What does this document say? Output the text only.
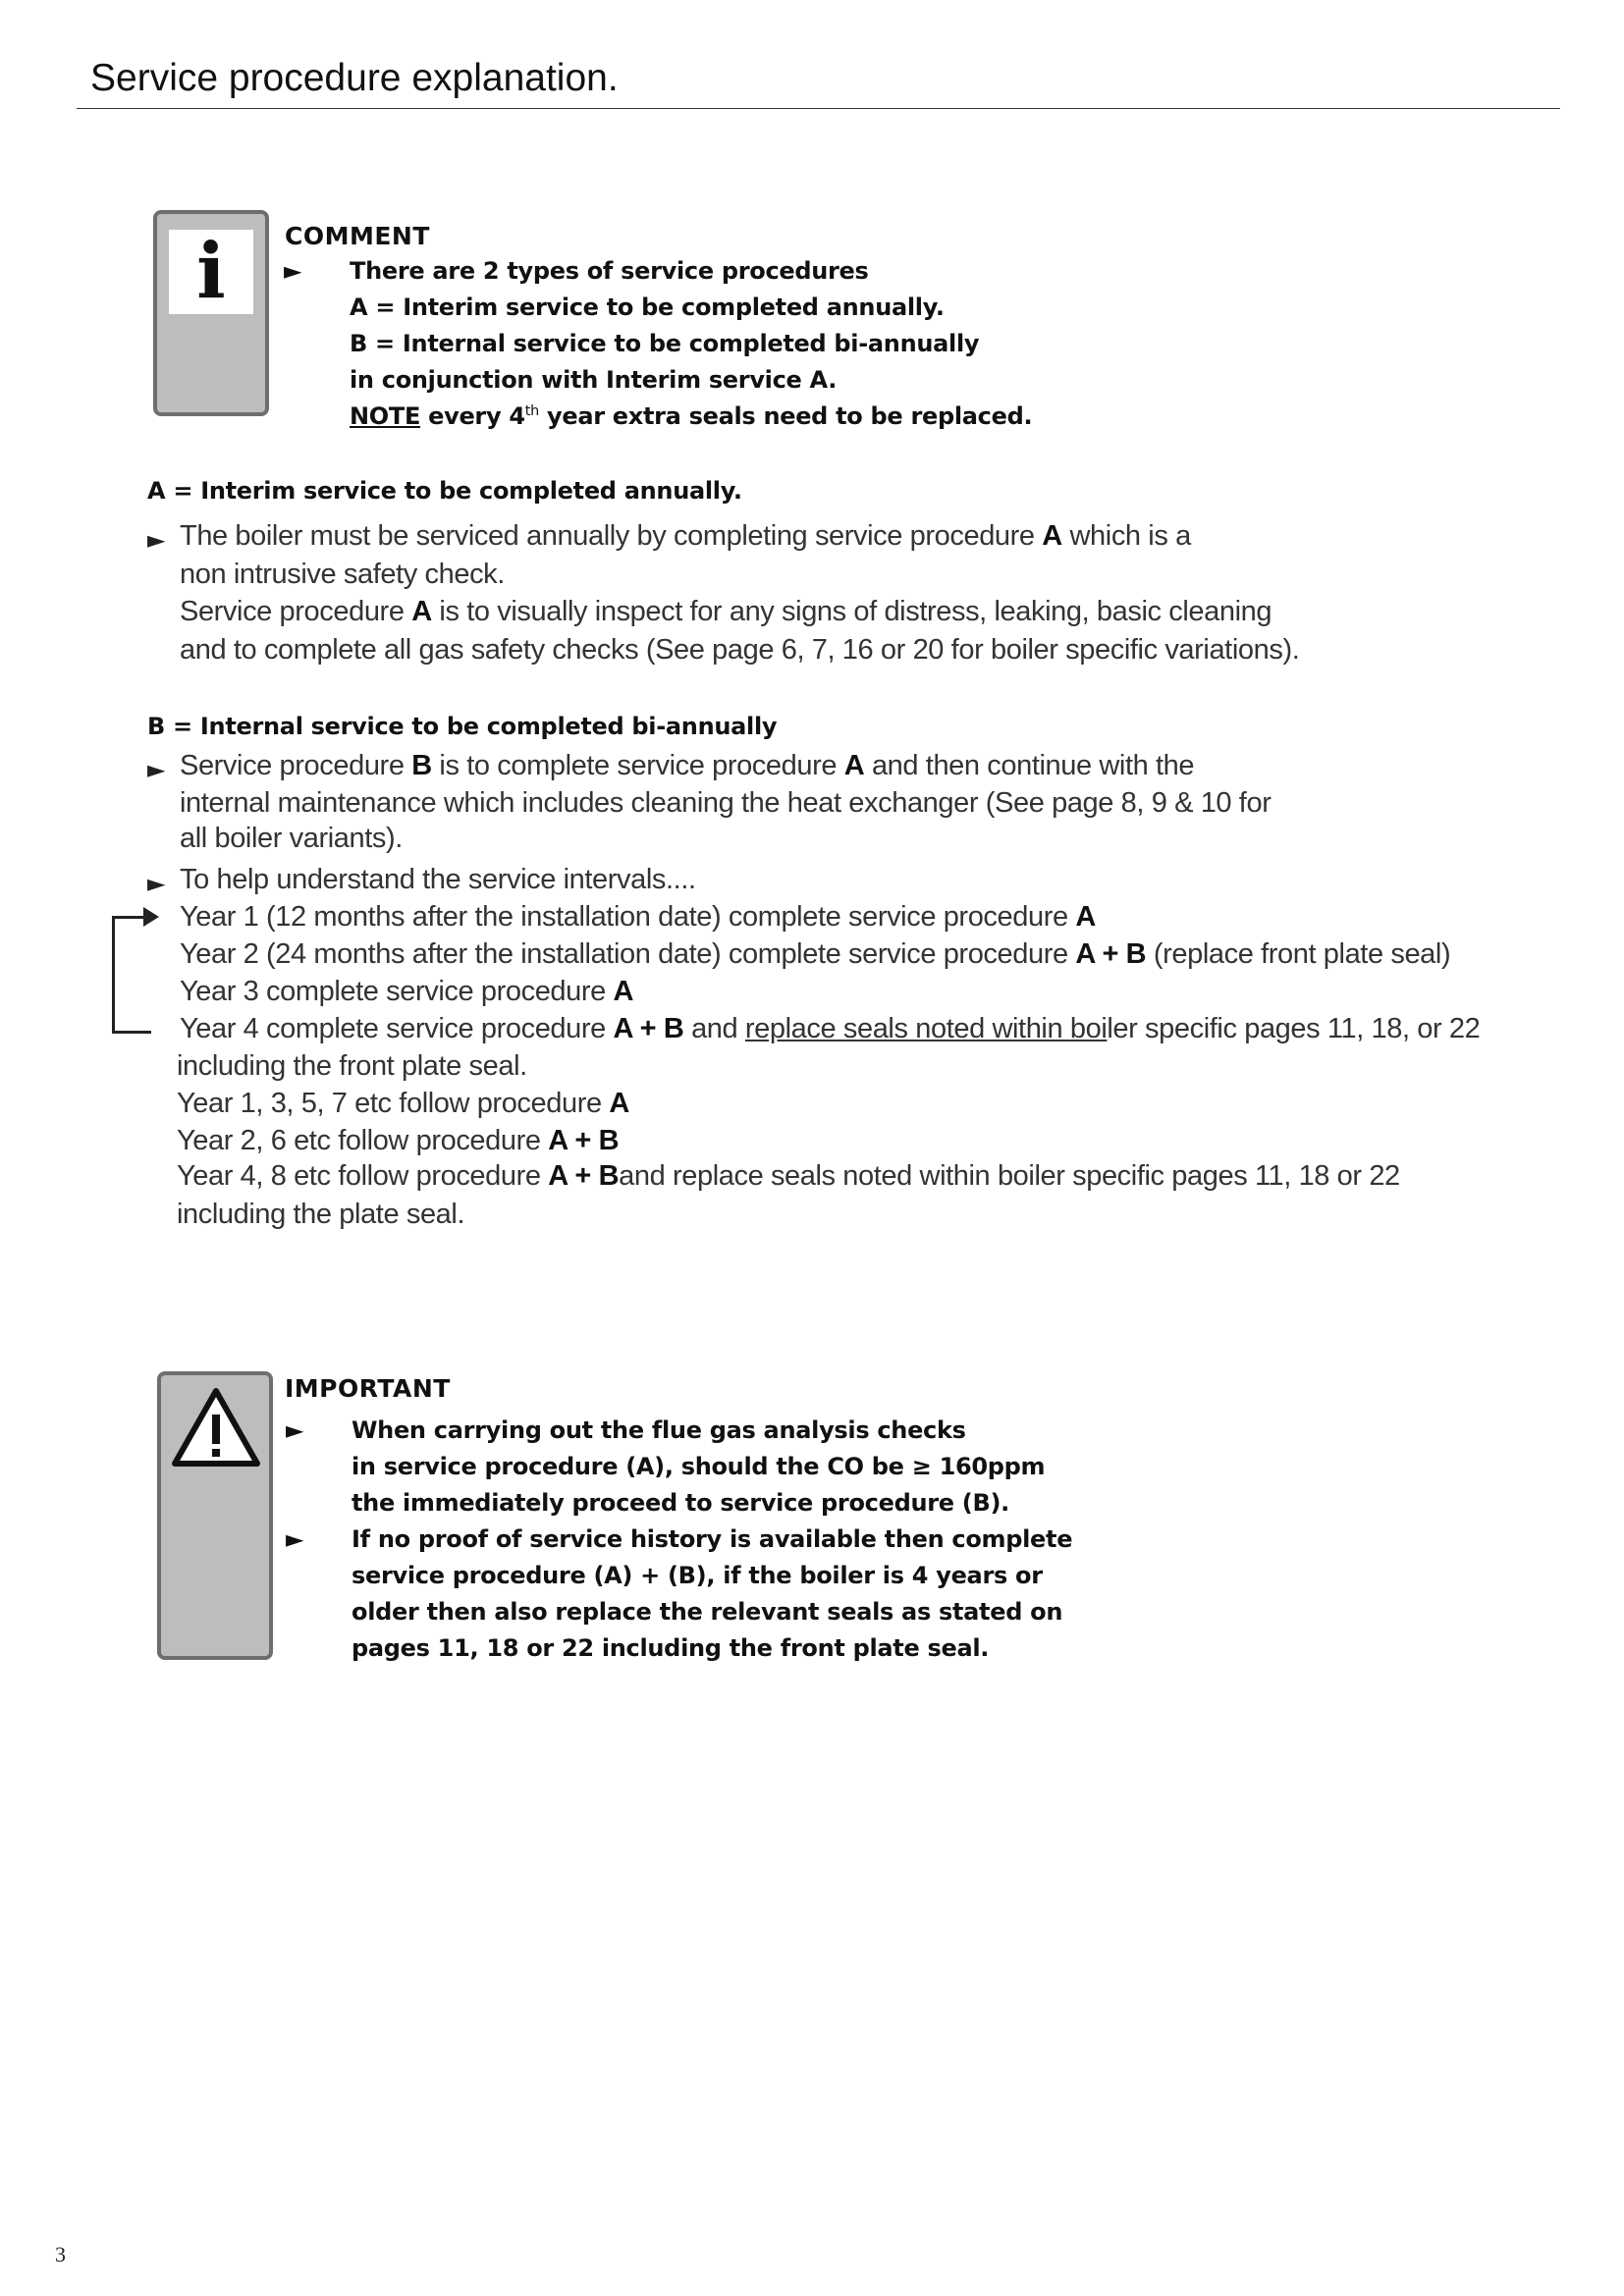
Service procedure explanation.
i	COMMENT
► There are 2 types of service procedures
A = Interim service to be completed annually.
B = Internal service to be completed bi-annually
in conjunction with Interim service A.
NOTE every 4th year extra seals need to be replaced.
A = Interim service to be completed annually.
► The boiler must be serviced annually by completing service procedure A which is a
non intrusive safety check.
Service procedure A is to visually inspect for any signs of distress, leaking, basic cleaning
and to complete all gas safety checks (See page 6, 7, 16 or 20 for boiler specific variations).
B = Internal service to be completed bi-annually
► Service procedure B is to complete service procedure A and then continue with the
internal maintenance which includes cleaning the heat exchanger (See page 8, 9 & 10 for
all boiler variants).
► To help understand the service intervals....
Year 1 (12 months after the installation date) complete service procedure A
Year 2 (24 months after the installation date) complete service procedure A + B (replace front plate seal)
Year 3 complete service procedure A
Year 4 complete service procedure A + B and replace seals noted within boiler specific pages 11, 18, or 22
including the front plate seal.
Year 1, 3, 5, 7 etc follow procedure A
Year 2, 6 etc follow procedure A + B
Year 4, 8 etc follow procedure A + Band replace seals noted within boiler specific pages 11, 18 or 22
including the plate seal.
IMPORTANT
► When carrying out the flue gas analysis checks
in service procedure (A), should the CO be ≥ 160ppm
the immediately proceed to service procedure (B).
► If no proof of service history is available then complete
service procedure (A) + (B), if the boiler is 4 years or
older then also replace the relevant seals as stated on
pages 11, 18 or 22 including the front plate seal.
3
